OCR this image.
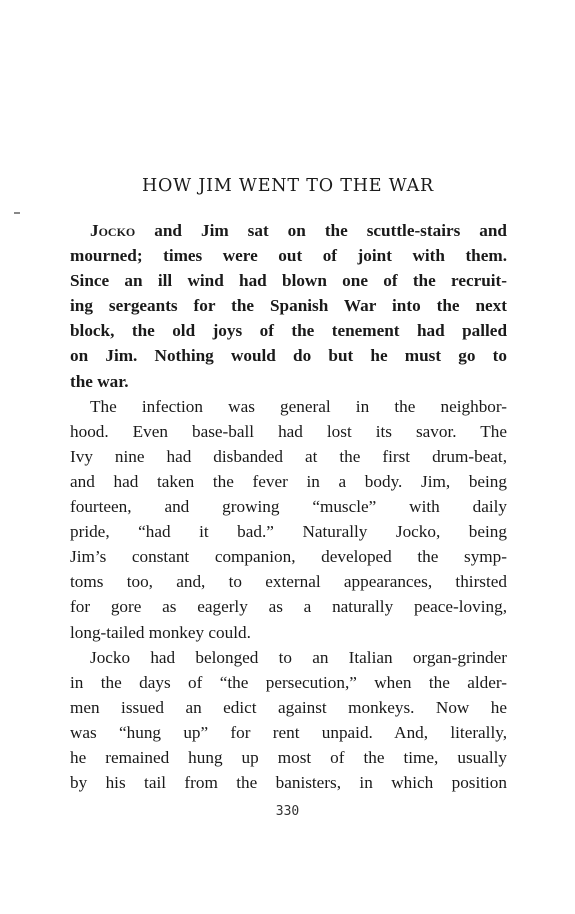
HOW JIM WENT TO THE WAR
Jocko and Jim sat on the scuttle-stairs and
mourned; times were out of joint with them.
Since an ill wind had blown one of the recruit-
ing sergeants for the Spanish War into the next
block, the old joys of the tenement had palled
on Jim. Nothing would do but he must go to
the war.
The infection was general in the neighbor-
hood. Even base-ball had lost its savor. The
Ivy nine had disbanded at the first drum-beat,
and had taken the fever in a body. Jim, being
fourteen, and growing “muscle” with daily
pride, “had it bad.” Naturally Jocko, being
Jim’s constant companion, developed the symp-
toms too, and, to external appearances, thirsted
for gore as eagerly as a naturally peace-loving,
long-tailed monkey could.
Jocko had belonged to an Italian organ-grinder
in the days of “the persecution,” when the alder-
men issued an edict against monkeys. Now he
was “hung up” for rent unpaid. And, literally,
he remained hung up most of the time, usually
by his tail from the banisters, in which position
330
